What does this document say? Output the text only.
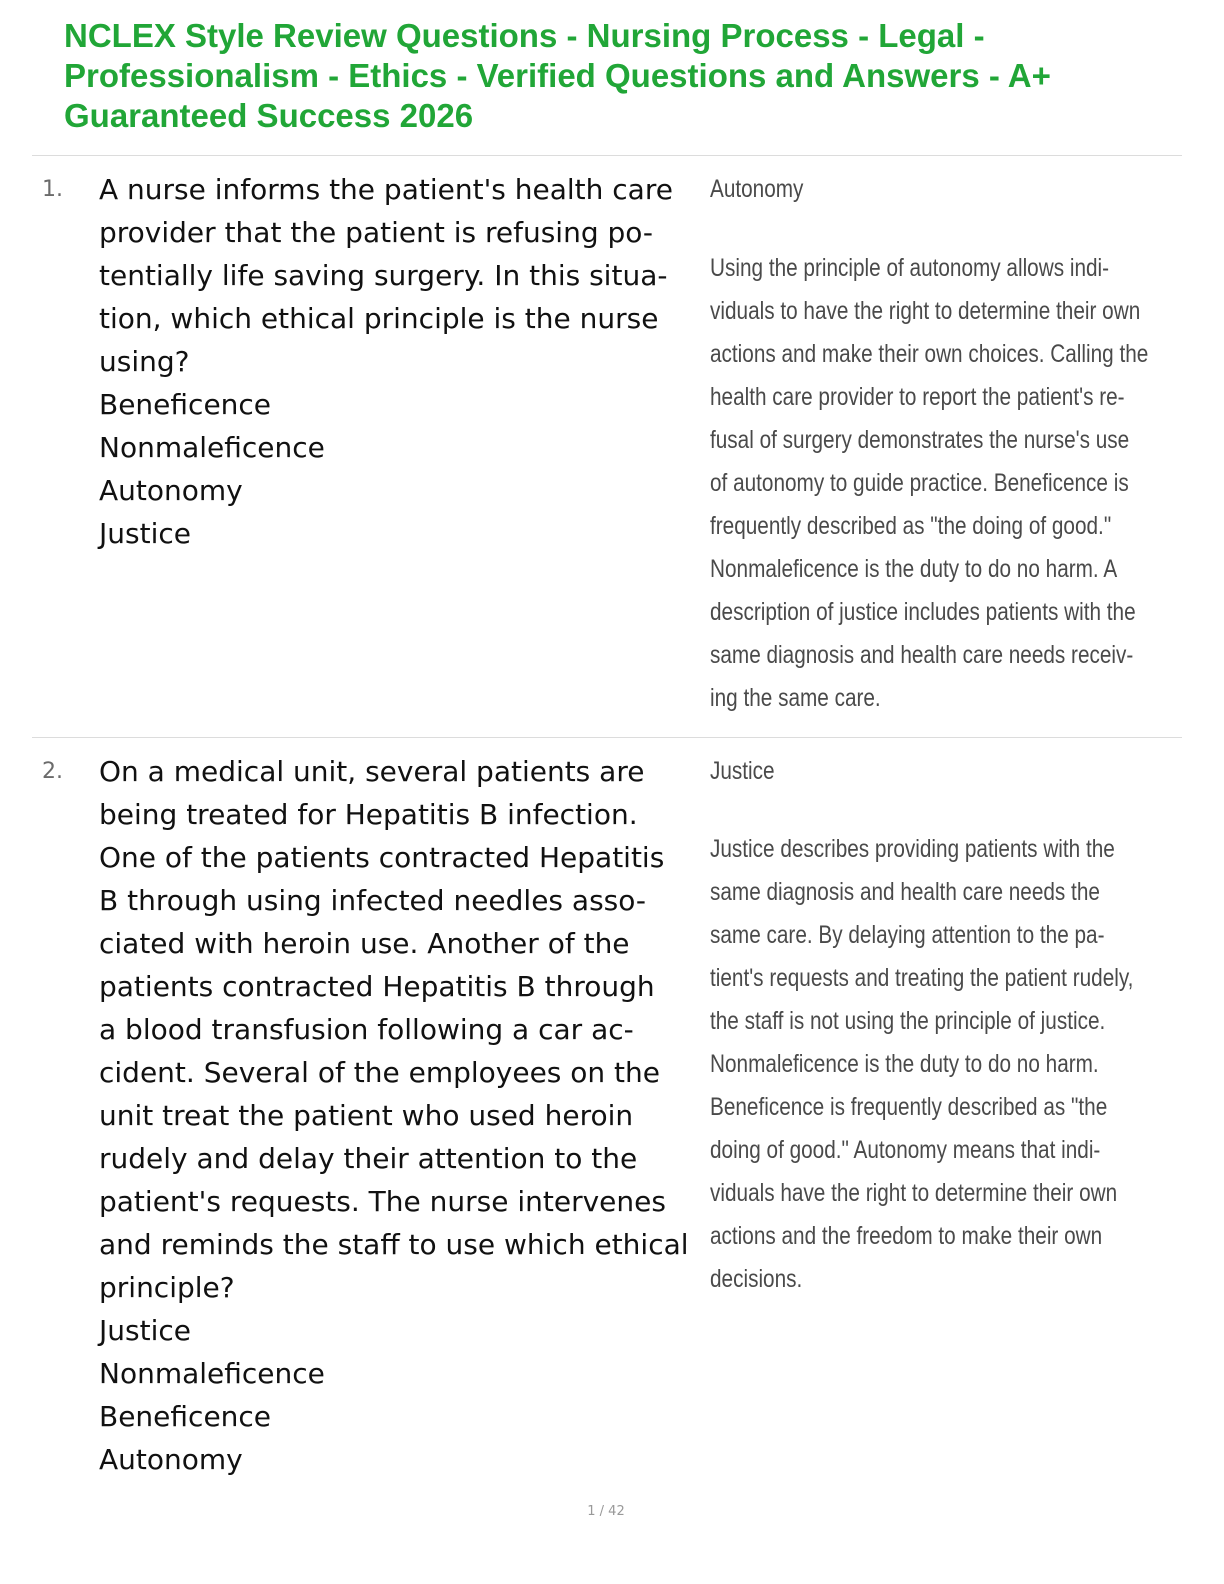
NCLEX Style Review Questions - Nursing Process - Legal - Professionalism - Ethics - Verified Questions and Answers - A+ Guaranteed Success 2026
1. A nurse informs the patient's health care
provider that the patient is refusing po-
tentially life saving surgery. In this situa-
tion, which ethical principle is the nurse
using?
Beneficence
Nonmaleficence
Autonomy
Justice
Autonomy
Using the principle of autonomy allows indi-
viduals to have the right to determine their own
actions and make their own choices. Calling the
health care provider to report the patient's re-
fusal of surgery demonstrates the nurse's use
of autonomy to guide practice. Beneficence is
frequently described as "the doing of good."
Nonmaleficence is the duty to do no harm. A
description of justice includes patients with the
same diagnosis and health care needs receiv-
ing the same care.
2. On a medical unit, several patients are
being treated for Hepatitis B infection.
One of the patients contracted Hepatitis
B through using infected needles asso-
ciated with heroin use. Another of the
patients contracted Hepatitis B through
a blood transfusion following a car ac-
cident. Several of the employees on the
unit treat the patient who used heroin
rudely and delay their attention to the
patient's requests. The nurse intervenes
and reminds the staff to use which ethical
principle?
Justice
Nonmaleficence
Beneficence
Autonomy
Justice
Justice describes providing patients with the
same diagnosis and health care needs the
same care. By delaying attention to the pa-
tient's requests and treating the patient rudely,
the staff is not using the principle of justice.
Nonmaleficence is the duty to do no harm.
Beneficence is frequently described as "the
doing of good." Autonomy means that indi-
viduals have the right to determine their own
actions and the freedom to make their own
decisions.
1 / 42
